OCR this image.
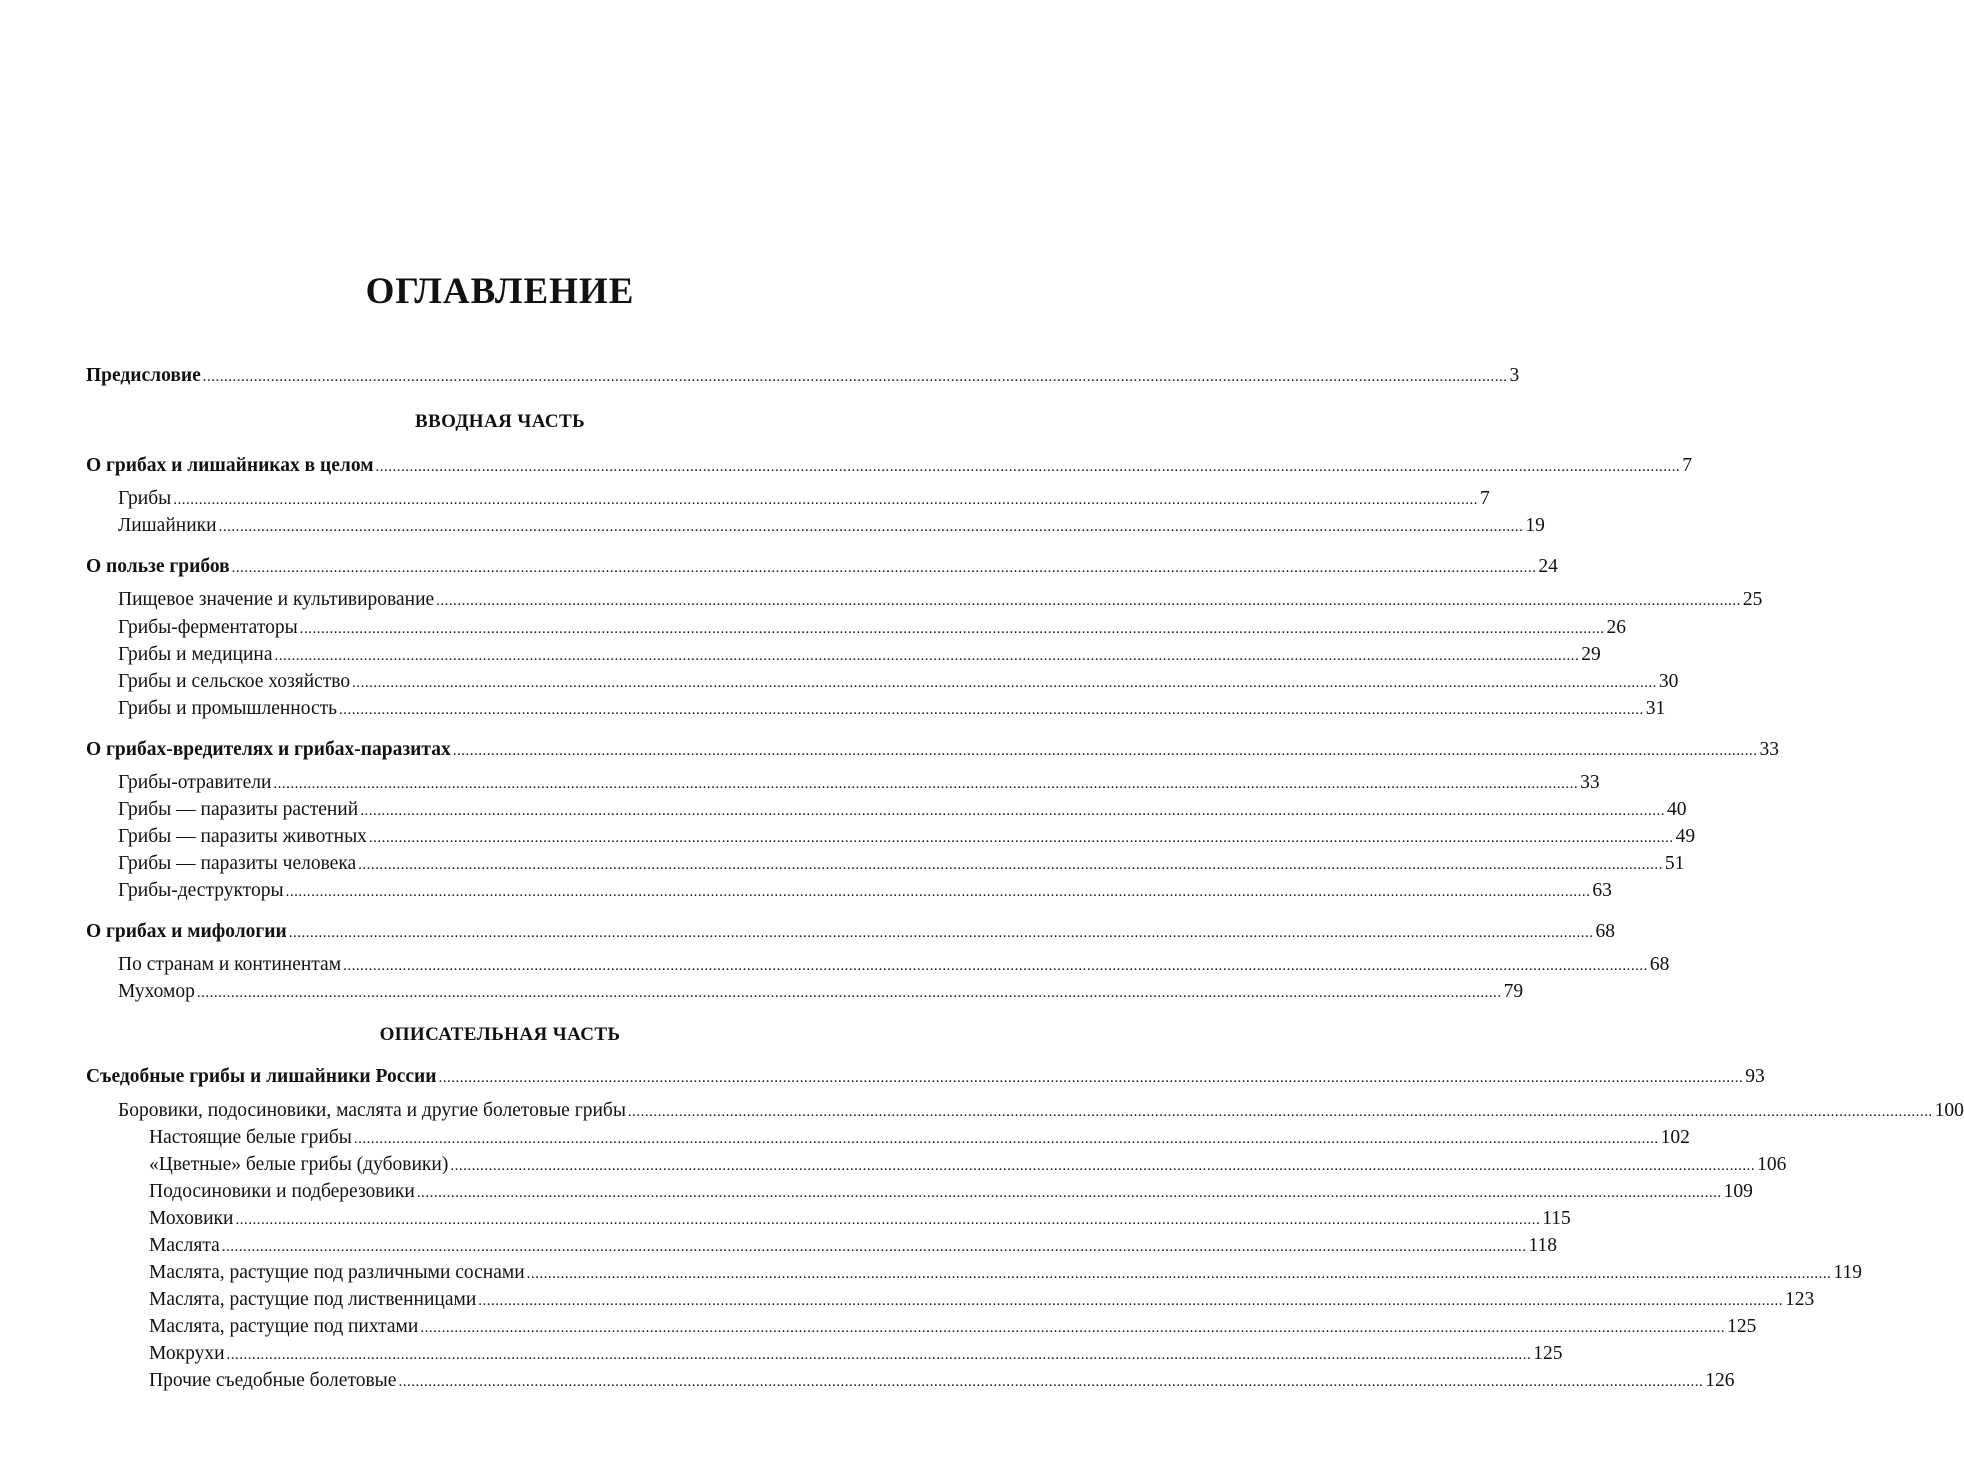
ОГЛАВЛЕНИЕ
Предисловие ................................................................................................................................................................................................................................................................................................................... 3
ВВОДНАЯ ЧАСТЬ
О грибах и лишайниках в целом ................................................................................................................................................................................................................................................................................................................... 7
Грибы ................................................................................................................................................................................................................................................................................................................... 7
Лишайники ................................................................................................................................................................................................................................................................................................................... 19
О пользе грибов ................................................................................................................................................................................................................................................................................................................... 24
Пищевое значение и культивирование ................................................................................................................................................................................................................................................................................................................... 25
Грибы-ферментаторы ................................................................................................................................................................................................................................................................................................................... 26
Грибы и медицина ................................................................................................................................................................................................................................................................................................................... 29
Грибы и сельское хозяйство ................................................................................................................................................................................................................................................................................................................... 30
Грибы и промышленность ................................................................................................................................................................................................................................................................................................................... 31
О грибах-вредителях и грибах-паразитах ................................................................................................................................................................................................................................................................................................................... 33
Грибы-отравители ................................................................................................................................................................................................................................................................................................................... 33
Грибы — паразиты растений ................................................................................................................................................................................................................................................................................................................... 40
Грибы — паразиты животных ................................................................................................................................................................................................................................................................................................................... 49
Грибы — паразиты человека ................................................................................................................................................................................................................................................................................................................... 51
Грибы-деструкторы ................................................................................................................................................................................................................................................................................................................... 63
О грибах и мифологии ................................................................................................................................................................................................................................................................................................................... 68
По странам и континентам ................................................................................................................................................................................................................................................................................................................... 68
Мухомор ................................................................................................................................................................................................................................................................................................................... 79
ОПИСАТЕЛЬНАЯ ЧАСТЬ
Съедобные грибы и лишайники России ................................................................................................................................................................................................................................................................................................................... 93
Боровики, подосиновики, маслята и другие болетовые грибы ................................................................................................................................................................................................................................................................................................................... 100
Настоящие белые грибы ................................................................................................................................................................................................................................................................................................................... 102
«Цветные» белые грибы (дубовики) ................................................................................................................................................................................................................................................................................................................... 106
Подосиновики и подберезовики ................................................................................................................................................................................................................................................................................................................... 109
Моховики ................................................................................................................................................................................................................................................................................................................... 115
Маслята ................................................................................................................................................................................................................................................................................................................... 118
Маслята, растущие под различными соснами ................................................................................................................................................................................................................................................................................................................... 119
Маслята, растущие под лиственницами ................................................................................................................................................................................................................................................................................................................... 123
Маслята, растущие под пихтами ................................................................................................................................................................................................................................................................................................................... 125
Мокрухи ................................................................................................................................................................................................................................................................................................................... 125
Прочие съедобные болетовые ................................................................................................................................................................................................................................................................................................................... 126
